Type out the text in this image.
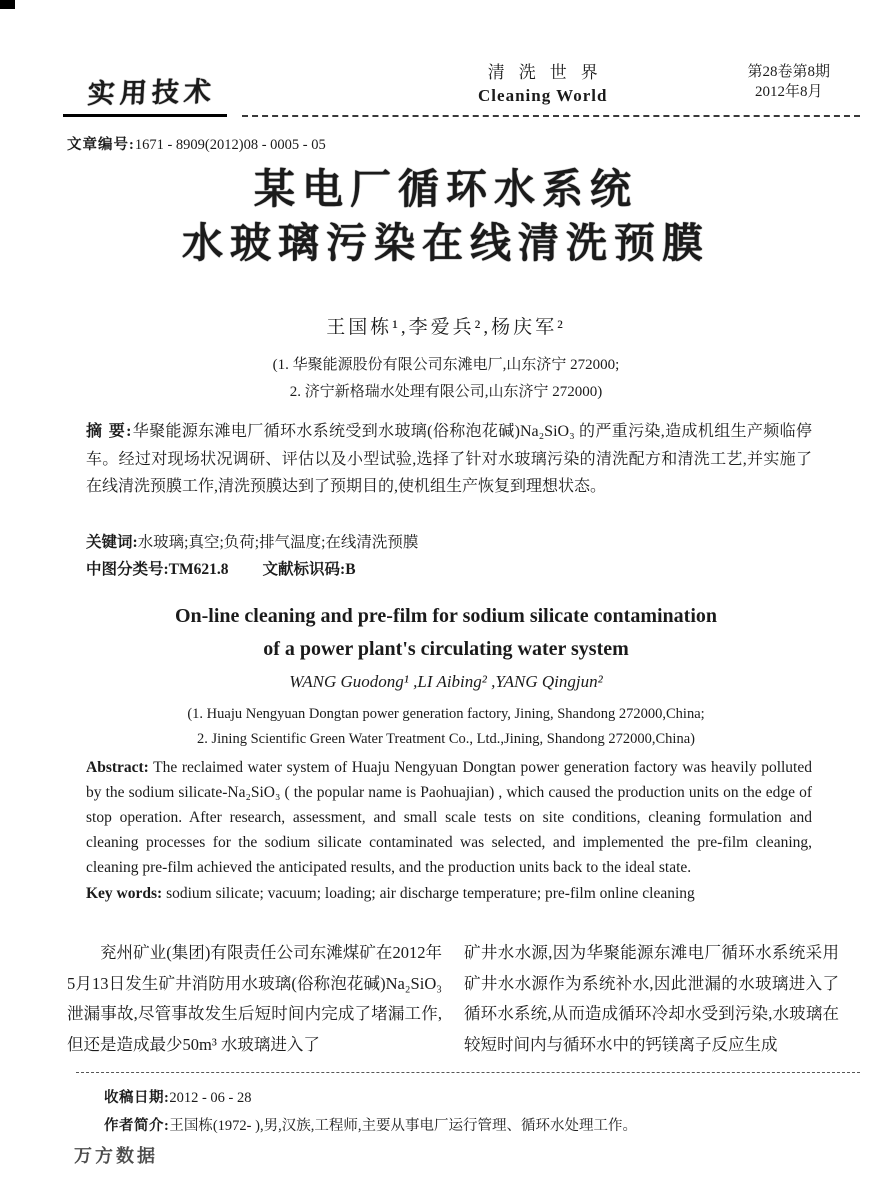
实用技术
清洗世界
Cleaning World
第28卷第8期
2012年8月
文章编号:1671 - 8909(2012)08 - 0005 - 05
某电厂循环水系统
水玻璃污染在线清洗预膜
王国栋¹,李爱兵²,杨庆军²
(1. 华聚能源股份有限公司东滩电厂,山东济宁 272000;
2. 济宁新格瑞水处理有限公司,山东济宁 272000)
摘 要:华聚能源东滩电厂循环水系统受到水玻璃(俗称泡花碱)Na₂SiO₃ 的严重污染,造成机组生产频临停车。经过对现场状况调研、评估以及小型试验,选择了针对水玻璃污染的清洗配方和清洗工艺,并实施了在线清洗预膜工作,清洗预膜达到了预期目的,使机组生产恢复到理想状态。
关键词:水玻璃;真空;负荷;排气温度;在线清洗预膜
中图分类号:TM621.8 文献标识码:B
On-line cleaning and pre-film for sodium silicate contamination
of a power plant's circulating water system
WANG Guodong¹ ,LI Aibing² ,YANG Qingjun²
(1. Huaju Nengyuan Dongtan power generation factory, Jining, Shandong 272000,China;
2. Jining Scientific Green Water Treatment Co., Ltd.,Jining, Shandong 272000,China)
Abstract: The reclaimed water system of Huaju Nengyuan Dongtan power generation factory was heavily polluted by the sodium silicate-Na₂SiO₃ ( the popular name is Paohuajian) , which caused the production units on the edge of stop operation. After research, assessment, and small scale tests on site conditions, cleaning formulation and cleaning processes for the sodium silicate contaminated was selected, and implemented the pre-film cleaning, cleaning pre-film achieved the anticipated results, and the production units back to the ideal state.
Key words: sodium silicate; vacuum; loading; air discharge temperature; pre-film online cleaning

兖州矿业(集团)有限责任公司东滩煤矿在2012年5月13日发生矿井消防用水玻璃(俗称泡花碱)Na₂SiO₃ 泄漏事故,尽管事故发生后短时间内完成了堵漏工作,但还是造成最少50m³ 水玻璃进入了

矿井水水源,因为华聚能源东滩电厂循环水系统采用矿井水水源作为系统补水,因此泄漏的水玻璃进入了循环水系统,从而造成循环冷却水受到污染,水玻璃在较短时间内与循环水中的钙镁离子反应生成

收稿日期:2012 - 06 - 28
作者简介:王国栋(1972- ),男,汉族,工程师,主要从事电厂运行管理、循环水处理工作。
万方数据
